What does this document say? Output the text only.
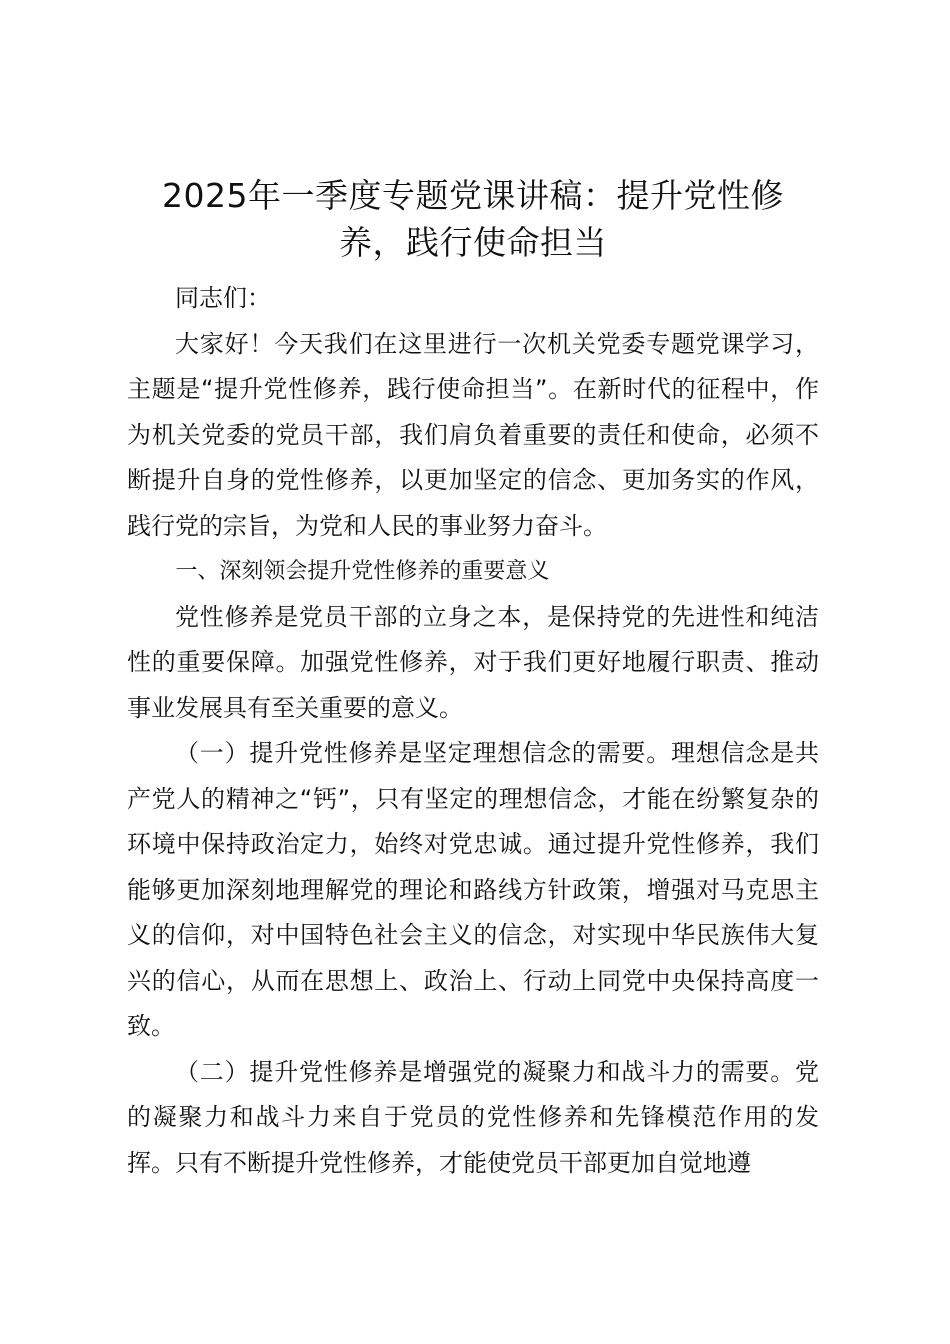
2025年一季度专题党课讲稿：提升党性修养，践行使命担当

同志们：

大家好！今天我们在这里进行一次机关党委专题党课学习，主题是“提升党性修养，践行使命担当”。在新时代的征程中，作为机关党委的党员干部，我们肩负着重要的责任和使命，必须不断提升自身的党性修养，以更加坚定的信念、更加务实的作风，践行党的宗旨，为党和人民的事业努力奋斗。

一、深刻领会提升党性修养的重要意义

党性修养是党员干部的立身之本，是保持党的先进性和纯洁性的重要保障。加强党性修养，对于我们更好地履行职责、推动事业发展具有至关重要的意义。

（一）提升党性修养是坚定理想信念的需要。理想信念是共产党人的精神之“钙”，只有坚定的理想信念，才能在纷繁复杂的环境中保持政治定力，始终对党忠诚。通过提升党性修养，我们能够更加深刻地理解党的理论和路线方针政策，增强对马克思主义的信仰，对中国特色社会主义的信念，对实现中华民族伟大复兴的信心，从而在思想上、政治上、行动上同党中央保持高度一致。

（二）提升党性修养是增强党的凝聚力和战斗力的需要。党的凝聚力和战斗力来自于党员的党性修养和先锋模范作用的发挥。只有不断提升党性修养，才能使党员干部更加自觉地遵
